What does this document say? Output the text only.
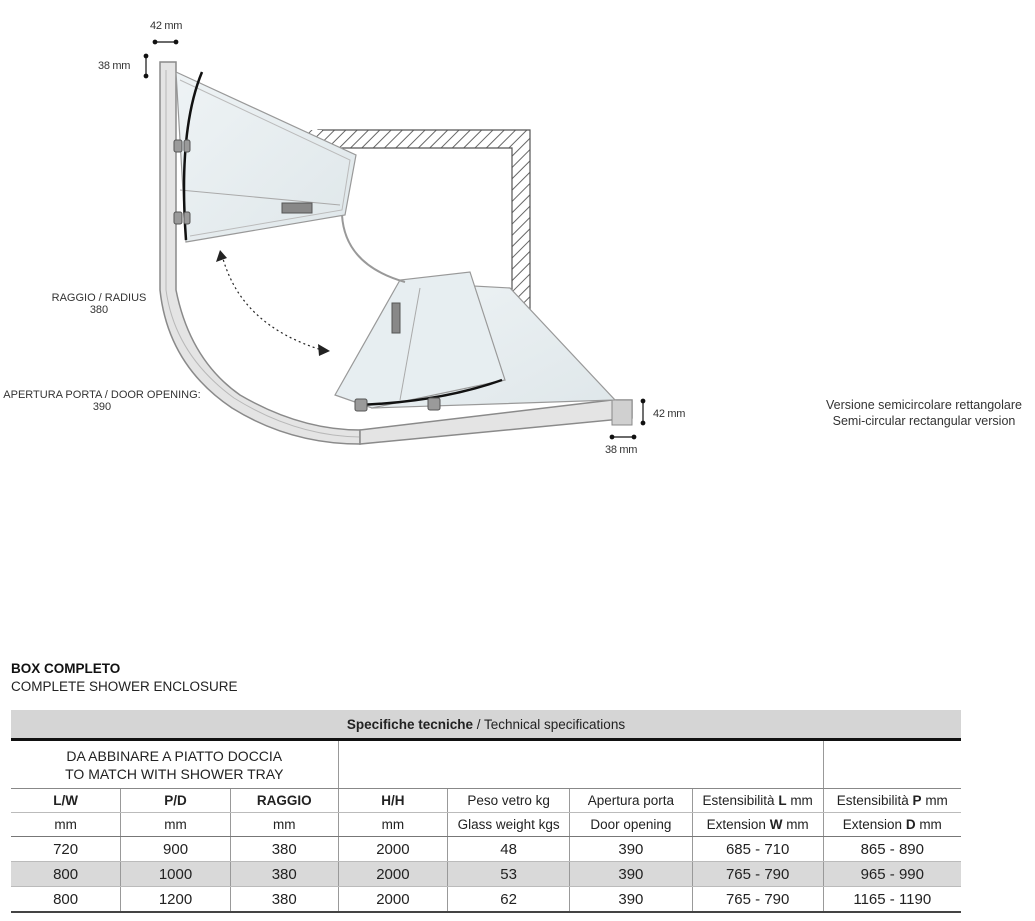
42 mm
38 mm
42 mm
38 mm
RAGGIO / RADIUS
380
APERTURA PORTA / DOOR OPENING:
390	Versione semicircolare rettangolare
Semi-circular rectangular version
BOX COMPLETO
COMPLETE SHOWER ENCLOSURE
Specifiche tecniche / Technical specifications							

DA ABBINARE A PIATTO DOCCIA
TO MATCH WITH SHOWER TRAY							

L/W	P/D	RAGGIO	H/H	Peso vetro kg	Apertura porta	Estensibilità L mm	Estensibilità P mm
mm	mm	mm	mm	Glass weight kgs	Door opening	Extension W mm	Extension D mm
720	900	380	2000	48	390	685 - 710	865 - 890
800	1000	380	2000	53	390	765 - 790	965 - 990
800	1200	380	2000	62	390	765 - 790	1165 - 1190
